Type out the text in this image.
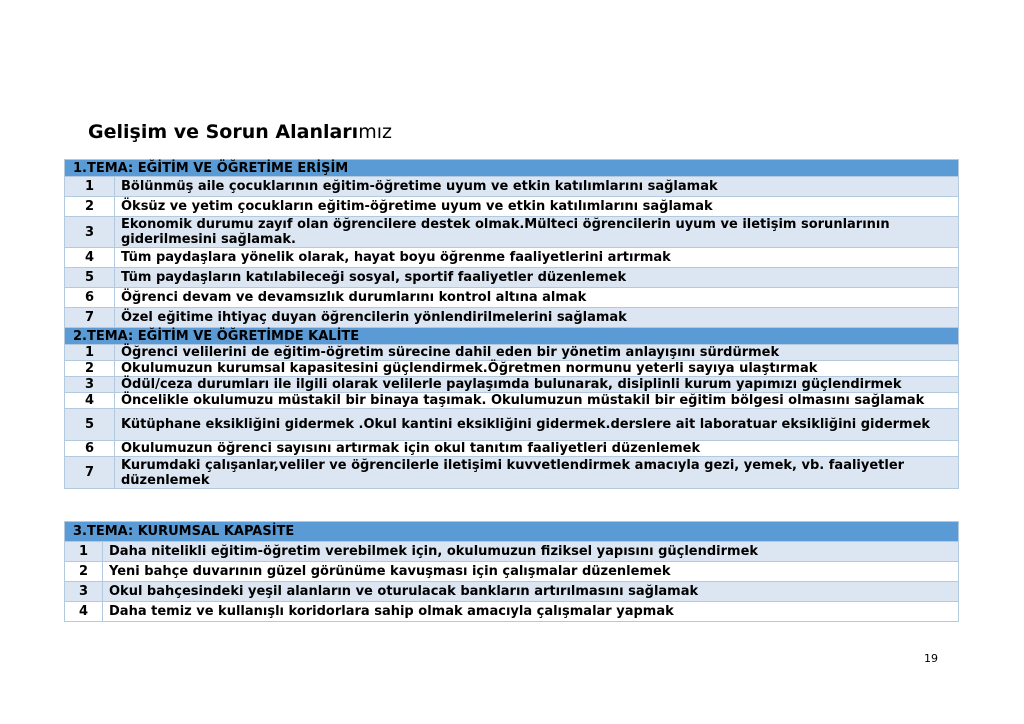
Gelişim ve Sorun Alanlarımız
1.TEMA: EĞİTİM VE ÖĞRETİME ERİŞİM	
1	Bölünmüş aile çocuklarının eğitim-öğretime uyum ve etkin katılımlarını sağlamak
2	Öksüz ve yetim çocukların eğitim-öğretime uyum ve etkin katılımlarını sağlamak
3	Ekonomik durumu zayıf olan öğrencilere destek olmak.Mülteci öğrencilerin uyum ve iletişim sorunlarının giderilmesini sağlamak.
4	Tüm paydaşlara yönelik olarak, hayat boyu öğrenme faaliyetlerini artırmak
5	Tüm paydaşların katılabileceği sosyal, sportif faaliyetler düzenlemek
6	Öğrenci devam ve devamsızlık durumlarını kontrol altına almak
7	Özel eğitime ihtiyaç duyan öğrencilerin yönlendirilmelerini sağlamak
2.TEMA: EĞİTİM VE ÖĞRETİMDE KALİTE	
1	Öğrenci velilerini de eğitim-öğretim sürecine dahil eden bir yönetim anlayışını sürdürmek
2	Okulumuzun kurumsal kapasitesini güçlendirmek.Öğretmen normunu yeterli sayıya ulaştırmak
3	Ödül/ceza durumları ile ilgili olarak velilerle paylaşımda bulunarak, disiplinli kurum yapımızı güçlendirmek
4	Öncelikle okulumuzu müstakil bir binaya taşımak. Okulumuzun müstakil bir eğitim bölgesi olmasını sağlamak
5	Kütüphane eksikliğini gidermek .Okul kantini eksikliğini gidermek.derslere ait laboratuar eksikliğini gidermek
6	Okulumuzun öğrenci sayısını artırmak için okul tanıtım faaliyetleri düzenlemek
7	Kurumdaki çalışanlar,veliler ve öğrencilerle iletişimi kuvvetlendirmek amacıyla gezi, yemek, vb. faaliyetler düzenlemek
3.TEMA: KURUMSAL KAPASİTE	
1	Daha nitelikli eğitim-öğretim verebilmek için, okulumuzun fiziksel yapısını güçlendirmek
2	Yeni bahçe duvarının güzel görünüme kavuşması için çalışmalar düzenlemek
3	Okul bahçesindeki yeşil alanların ve oturulacak bankların artırılmasını sağlamak
4	Daha temiz ve kullanışlı koridorlara sahip olmak amacıyla çalışmalar yapmak
19
